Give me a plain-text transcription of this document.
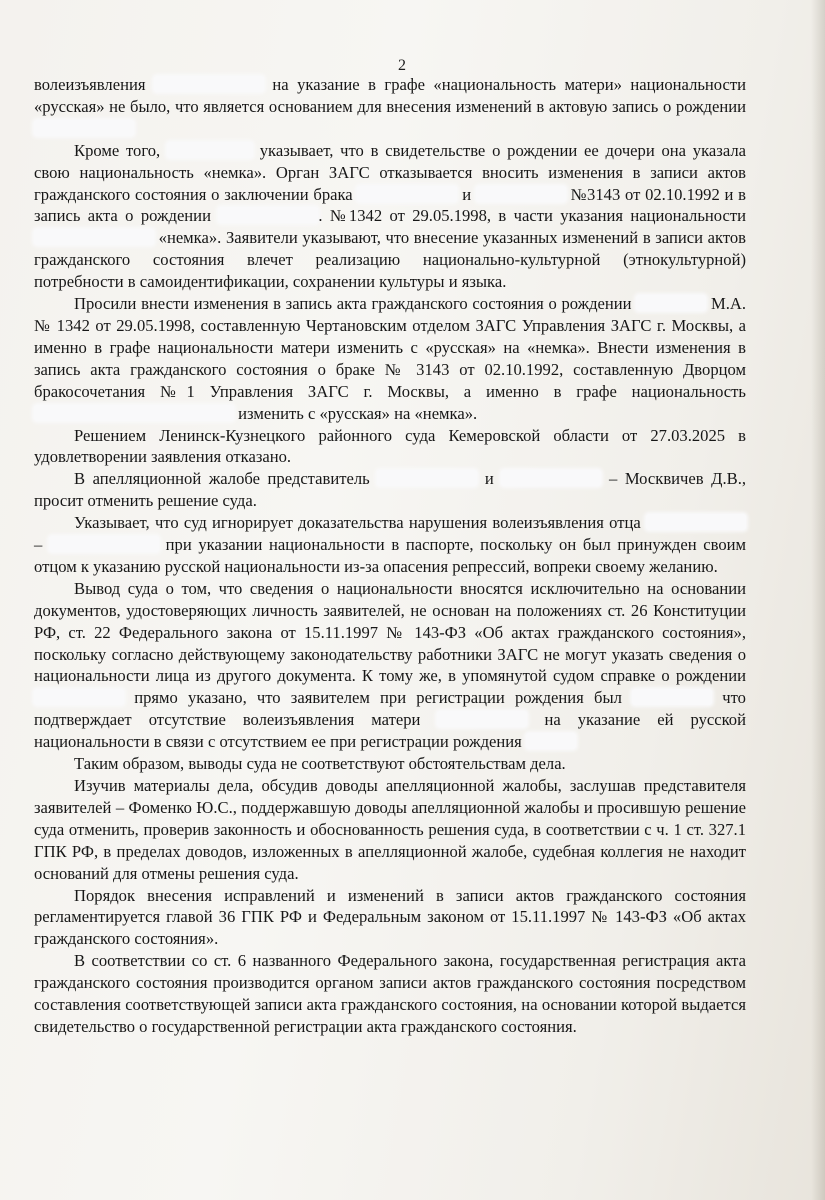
2

волеизъявления	на указание в графе «национальность матери» национальности «русская» не было, что является основанием для внесения изменений в актовую запись о рождении

Кроме того,	указывает, что в свидетельстве о рождении ее дочери она указала свою национальность «немка». Орган ЗАГС отказывается вносить изменения в записи актов гражданского состояния о заключении брака	и	№3143 от 02.10.1992 и в запись акта о рождении	. №1342 от 29.05.1998, в части указания национальности  «немка». Заявители указывают, что внесение указанных изменений в записи актов гражданского состояния влечет реализацию национально-культурной (этнокультурной) потребности в самоидентификации, сохранении культуры и языка.

Просили внести изменения в запись акта гражданского состояния о рождении	М.А. № 1342 от 29.05.1998, составленную Чертановским отделом ЗАГС Управления ЗАГС г. Москвы, а именно в графе национальности матери изменить с «русская» на «немка». Внести изменения в запись акта гражданского состояния о браке № 3143 от 02.10.1992, составленную Дворцом бракосочетания №1 Управления ЗАГС г. Москвы, а именно в графе национальность  изменить с «русская» на «немка».

Решением Ленинск-Кузнецкого районного суда Кемеровской области от 27.03.2025 в удовлетворении заявления отказано.

В апелляционной жалобе представитель	и	– Москвичев Д.В., просит отменить решение суда.

Указывает, что суд игнорирует доказательства нарушения волеизъявления отца  –	при указании национальности в паспорте, поскольку он был принужден своим отцом к указанию русской национальности из-за опасения репрессий, вопреки своему желанию.

Вывод суда о том, что сведения о национальности вносятся исключительно на основании документов, удостоверяющих личность заявителей, не основан на положениях ст. 26 Конституции РФ, ст. 22 Федерального закона от 15.11.1997 № 143-ФЗ «Об актах гражданского состояния», поскольку согласно действующему законодательству работники ЗАГС не могут указать сведения о национальности лица из другого документа. К тому же, в упомянутой судом справке о рождении  прямо указано, что заявителем при регистрации рождения был	что подтверждает отсутствие волеизъявления матери	на указание ей русской национальности в связи с отсутствием ее при регистрации рождения

Таким образом, выводы суда не соответствуют обстоятельствам дела.

Изучив материалы дела, обсудив доводы апелляционной жалобы, заслушав представителя заявителей – Фоменко Ю.С., поддержавшую доводы апелляционной жалобы и просившую решение суда отменить, проверив законность и обоснованность решения суда, в соответствии с ч. 1 ст. 327.1 ГПК РФ, в пределах доводов, изложенных в апелляционной жалобе, судебная коллегия не находит оснований для отмены решения суда.

Порядок внесения исправлений и изменений в записи актов гражданского состояния регламентируется главой 36 ГПК РФ и Федеральным законом от 15.11.1997 № 143-ФЗ «Об актах гражданского состояния».

В соответствии со ст. 6 названного Федерального закона, государственная регистрация акта гражданского состояния производится органом записи актов гражданского состояния посредством составления соответствующей записи акта гражданского состояния, на основании которой выдается свидетельство о государственной регистрации акта гражданского состояния.
